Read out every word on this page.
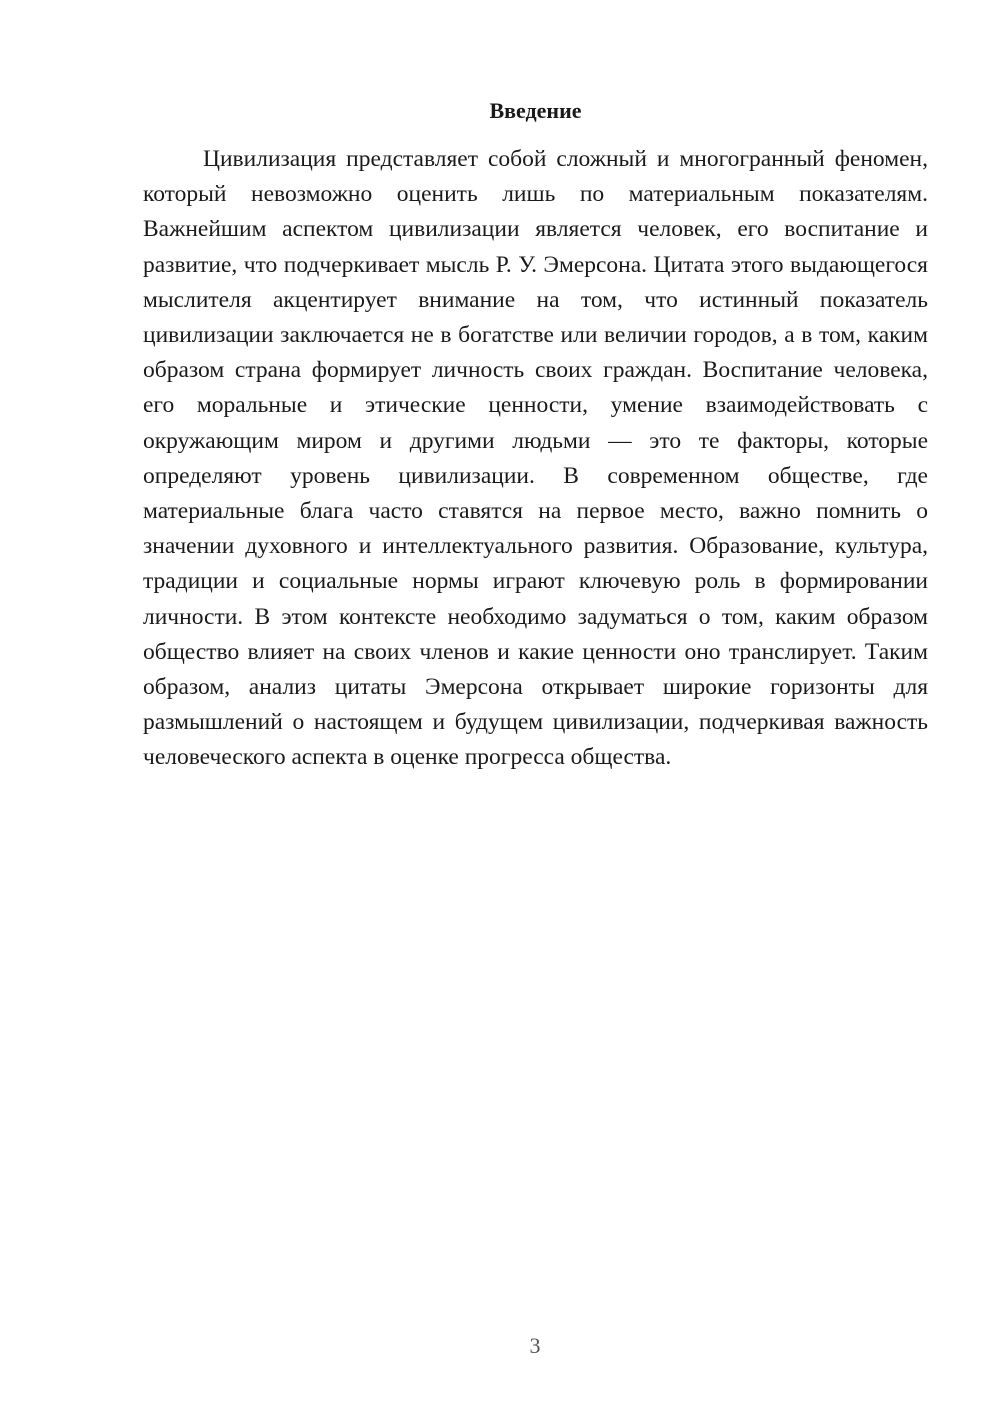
Введение

Цивилизация представляет собой сложный и многогранный феномен, который невозможно оценить лишь по материальным показателям. Важнейшим аспектом цивилизации является человек, его воспитание и развитие, что подчеркивает мысль Р. У. Эмерсона. Цитата этого выдающегося мыслителя акцентирует внимание на том, что истинный показатель цивилизации заключается не в богатстве или величии городов, а в том, каким образом страна формирует личность своих граждан. Воспитание человека, его моральные и этические ценности, умение взаимодействовать с окружающим миром и другими людьми — это те факторы, которые определяют уровень цивилизации. В современном обществе, где материальные блага часто ставятся на первое место, важно помнить о значении духовного и интеллектуального развития. Образование, культура, традиции и социальные нормы играют ключевую роль в формировании личности. В этом контексте необходимо задуматься о том, каким образом общество влияет на своих членов и какие ценности оно транслирует. Таким образом, анализ цитаты Эмерсона открывает широкие горизонты для размышлений о настоящем и будущем цивилизации, подчеркивая важность человеческого аспекта в оценке прогресса общества.

3
